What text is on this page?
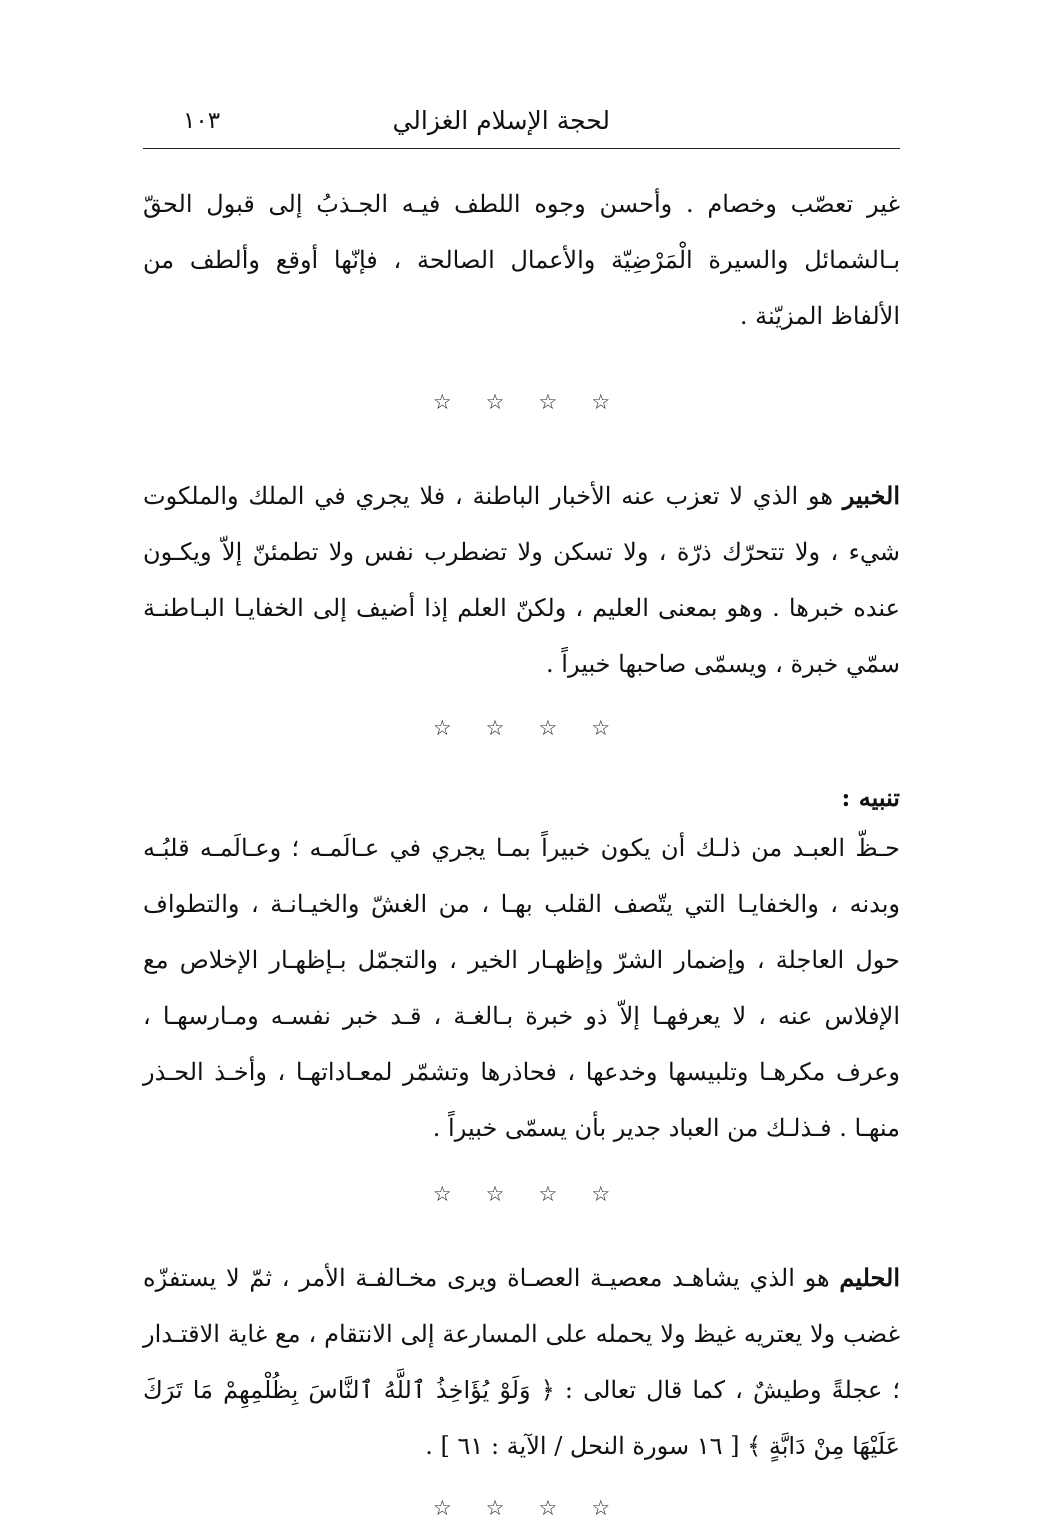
لحجة الإسلام الغزالي
١٠٣

غير تعصّب وخصام . وأحسن وجوه اللطف فيـه الجـذبُ إلى قبول الحقّ بـالشمائل والسيرة الْمَرْضِيّة والأعمال الصالحة ، فإنّها أوقع وألطف من الألفاظ المزيّنة .

☆ ☆ ☆ ☆

الخبير هو الذي لا تعزب عنه الأخبار الباطنة ، فلا يجري في الملك والملكوت شيء ، ولا تتحرّك ذرّة ، ولا تسكن ولا تضطرب نفس ولا تطمئنّ إلاّ ويكـون عنده خبرها . وهو بمعنى العليم ، ولكنّ العلم إذا أضيف إلى الخفايـا البـاطنـة سمّي خبرة ، ويسمّى صاحبها خبيراً .

☆ ☆ ☆ ☆

تنبيه :

حـظّ العبـد من ذلـك أن يكون خبيراً بمـا يجري في عـالَمـه ؛ وعـالَمـه قلبُـه وبدنه ، والخفايـا التي يتّصف القلب بهـا ، من الغشّ والخيـانـة ، والتطواف حول العاجلة ، وإضمار الشرّ وإظهـار الخير ، والتجمّل بـإظهـار الإخلاص مع الإفلاس عنه ، لا يعرفهـا إلاّ ذو خبرة بـالغـة ، قـد خبر نفسـه ومـارسهـا ، وعرف مكرهـا وتلبيسها وخدعها ، فحاذرها وتشمّر لمعـاداتهـا ، وأخـذ الحـذر منهـا . فـذلـك من العباد جدير بأن يسمّى خبيراً .

☆ ☆ ☆ ☆

الحليم هو الذي يشاهـد معصيـة العصـاة ويرى مخـالفـة الأمر ، ثمّ لا يستفزّه غضب ولا يعتريه غيظ ولا يحمله على المسارعة إلى الانتقام ، مع غاية الاقتـدار ؛ عجلةً وطيشٌ ، كما قال تعالى : ﴿ وَلَوْ يُؤَاخِذُ ٱللَّهُ ٱلنَّاسَ بِظُلْمِهِمْ مَا تَرَكَ عَلَيْهَا مِنْ دَابَّةٍ ﴾ [ ١٦ سورة النحل / الآية : ٦١ ] .

☆ ☆ ☆ ☆
